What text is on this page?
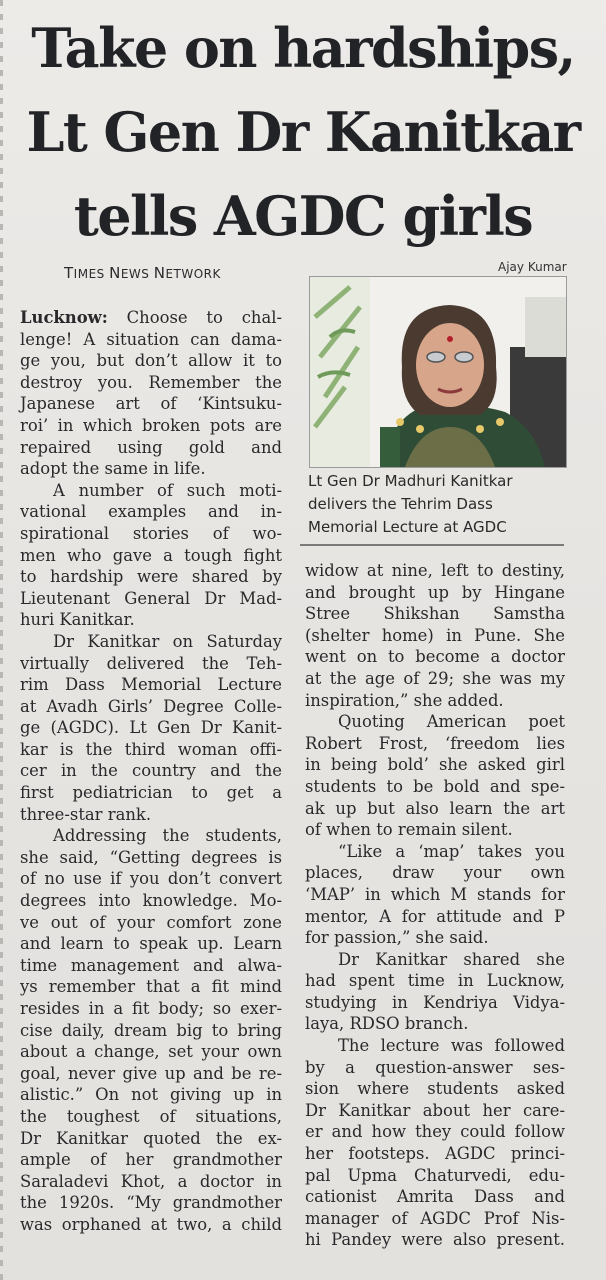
Take on hardships,
Lt Gen Dr Kanitkar
tells AGDC girls
TIMES NEWS NETWORK	Ajay Kumar
Lt Gen Dr Madhuri Kanitkar
delivers the Tehrim Dass
Memorial Lecture at AGDC
Lucknow: Choose to chal-
lenge! A situation can dama-
ge you, but don’t allow it to
destroy you. Remember the
Japanese art of ‘Kintsuku-
roi’ in which broken pots are
repaired using gold and
adopt the same in life.
A number of such moti-
vational examples and in-
spirational stories of wo-
men who gave a tough fight
to hardship were shared by
Lieutenant General Dr Mad-
huri Kanitkar.
Dr Kanitkar on Saturday
virtually delivered the Teh-
rim Dass Memorial Lecture
at Avadh Girls’ Degree Colle-
ge (AGDC). Lt Gen Dr Kanit-
kar is the third woman offi-
cer in the country and the
first pediatrician to get a
three-star rank.
Addressing the students,
she said, “Getting degrees is
of no use if you don’t convert
degrees into knowledge. Mo-
ve out of your comfort zone
and learn to speak up. Learn
time management and alwa-
ys remember that a fit mind
resides in a fit body; so exer-
cise daily, dream big to bring
about a change, set your own
goal, never give up and be re-
alistic.” On not giving up in
the toughest of situations,
Dr Kanitkar quoted the ex-
ample of her grandmother
Saraladevi Khot, a doctor in
the 1920s. “My grandmother
was orphaned at two, a child
widow at nine, left to destiny,
and brought up by Hingane
Stree Shikshan Samstha
(shelter home) in Pune. She
went on to become a doctor
at the age of 29; she was my
inspiration,” she added.
Quoting American poet
Robert Frost, ‘freedom lies
in being bold’ she asked girl
students to be bold and spe-
ak up but also learn the art
of when to remain silent.
“Like a ‘map’ takes you
places, draw your own
‘MAP’ in which M stands for
mentor, A for attitude and P
for passion,” she said.
Dr Kanitkar shared she
had spent time in Lucknow,
studying in Kendriya Vidya-
laya, RDSO branch.
The lecture was followed
by a question-answer ses-
sion where students asked
Dr Kanitkar about her care-
er and how they could follow
her footsteps. AGDC princi-
pal Upma Chaturvedi, edu-
cationist Amrita Dass and
manager of AGDC Prof Nis-
hi Pandey were also present.
